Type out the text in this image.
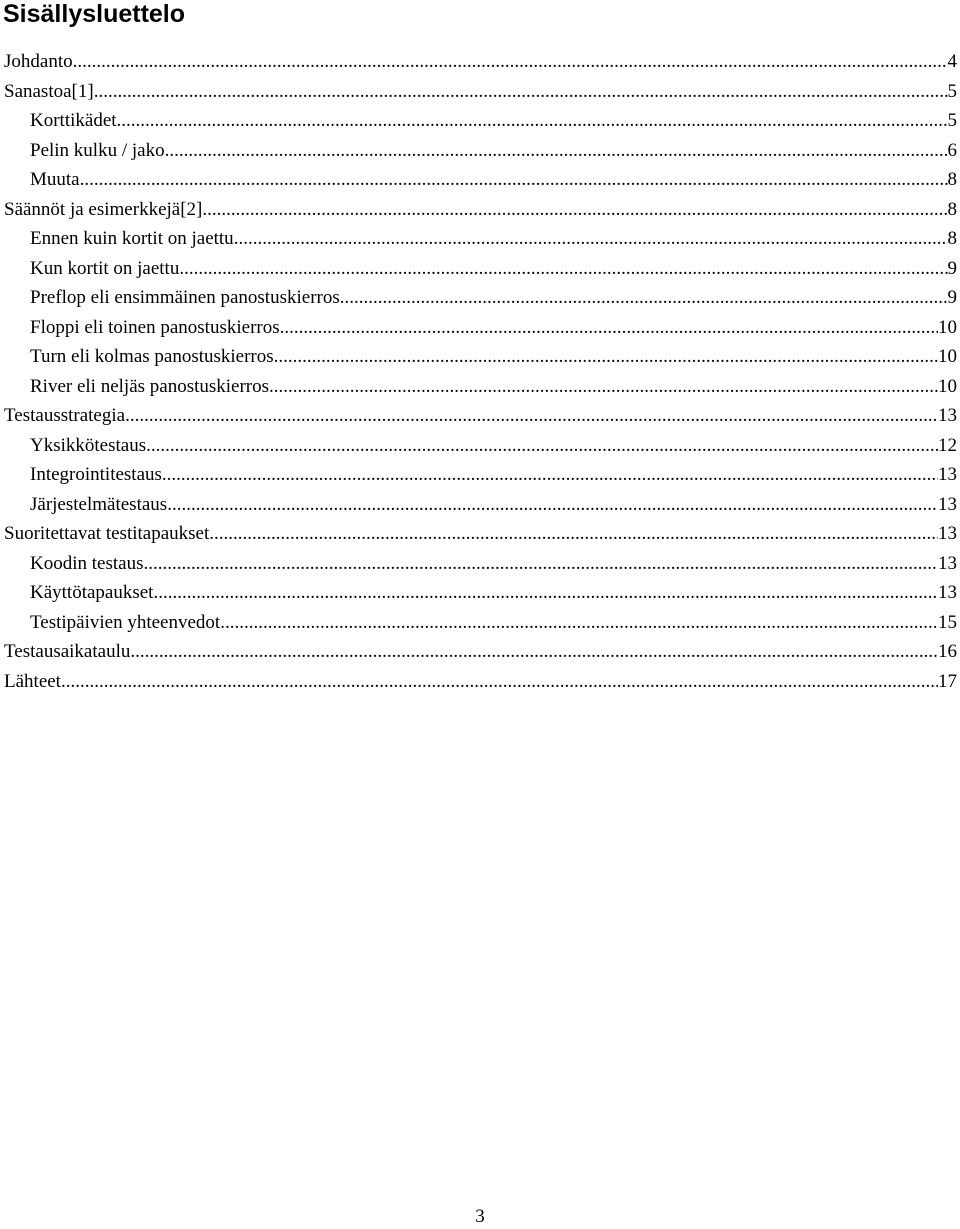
Sisällysluettelo
Johdanto .....	4
Sanastoa[1] .....	5
Korttikädet .....	5
Pelin kulku / jako .....	6
Muuta .....	8
Säännöt ja esimerkkejä[2] .....	8
Ennen kuin kortit on jaettu .....	8
Kun kortit on jaettu .....	9
Preflop eli ensimmäinen panostuskierros .....	9
Floppi eli toinen panostuskierros .....	10
Turn eli kolmas panostuskierros .....	10
River eli neljäs panostuskierros .....	10
Testausstrategia .....	13
Yksikkötestaus .....	12
Integrointitestaus .....	13
Järjestelmätestaus .....	13
Suoritettavat testitapaukset .....	13
Koodin testaus .....	13
Käyttötapaukset .....	13
Testipäivien yhteenvedot .....	15
Testausaikataulu .....	16
Lähteet .....	17
3
